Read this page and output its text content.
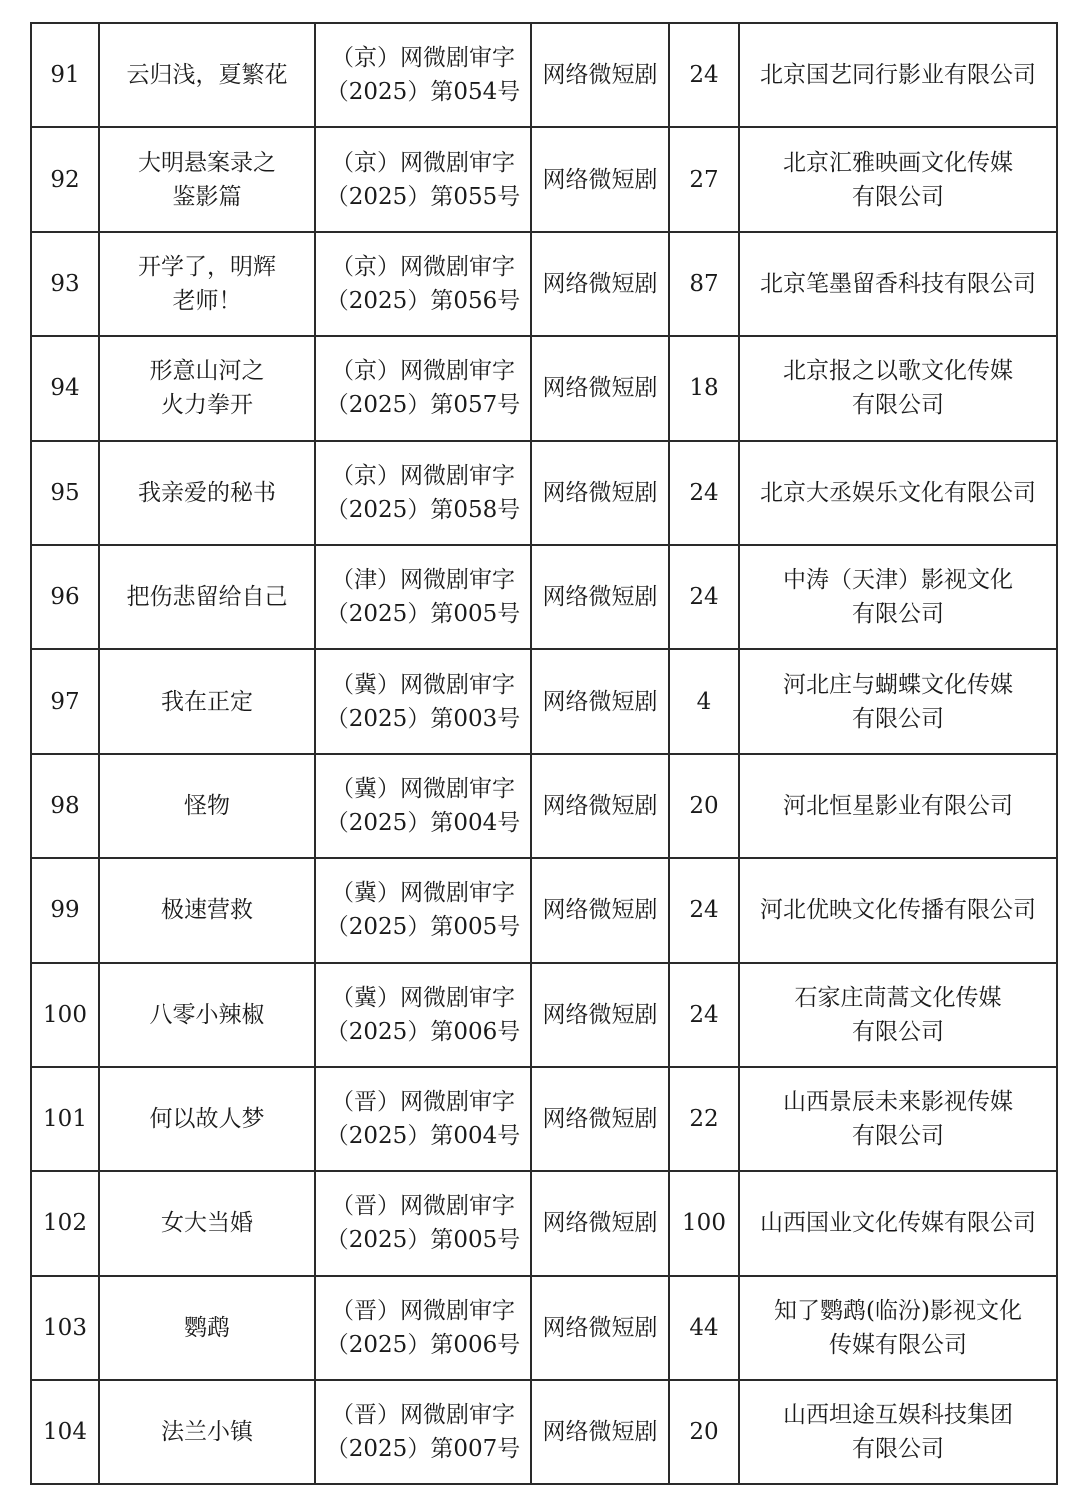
91	云归浅，夏繁花	（京）网微剧审字
（2025）第054号	网络微短剧	24	北京国艺同行影业有限公司

92	大明悬案录之
鉴影篇	（京）网微剧审字
（2025）第055号	网络微短剧	27	北京汇雅映画文化传媒
有限公司

93	开学了，明辉
老师！	（京）网微剧审字
（2025）第056号	网络微短剧	87	北京笔墨留香科技有限公司

94	形意山河之
火力拳开	（京）网微剧审字
（2025）第057号	网络微短剧	18	北京报之以歌文化传媒
有限公司

95	我亲爱的秘书	（京）网微剧审字
（2025）第058号	网络微短剧	24	北京大丞娱乐文化有限公司

96	把伤悲留给自己	（津）网微剧审字
（2025）第005号	网络微短剧	24	中涛（天津）影视文化
有限公司

97	我在正定	（冀）网微剧审字
（2025）第003号	网络微短剧	4	河北庄与蝴蝶文化传媒
有限公司

98	怪物	（冀）网微剧审字
（2025）第004号	网络微短剧	20	河北恒星影业有限公司

99	极速营救	（冀）网微剧审字
（2025）第005号	网络微短剧	24	河北优映文化传播有限公司

100	八零小辣椒	（冀）网微剧审字
（2025）第006号	网络微短剧	24	石家庄茼蒿文化传媒
有限公司

101	何以故人梦	（晋）网微剧审字
（2025）第004号	网络微短剧	22	山西景辰未来影视传媒
有限公司

102	女大当婚	（晋）网微剧审字
（2025）第005号	网络微短剧	100	山西国业文化传媒有限公司

103	鹦鹉	（晋）网微剧审字
（2025）第006号	网络微短剧	44	知了鹦鹉(临汾)影视文化
传媒有限公司

104	法兰小镇	（晋）网微剧审字
（2025）第007号	网络微短剧	20	山西坦途互娱科技集团
有限公司
